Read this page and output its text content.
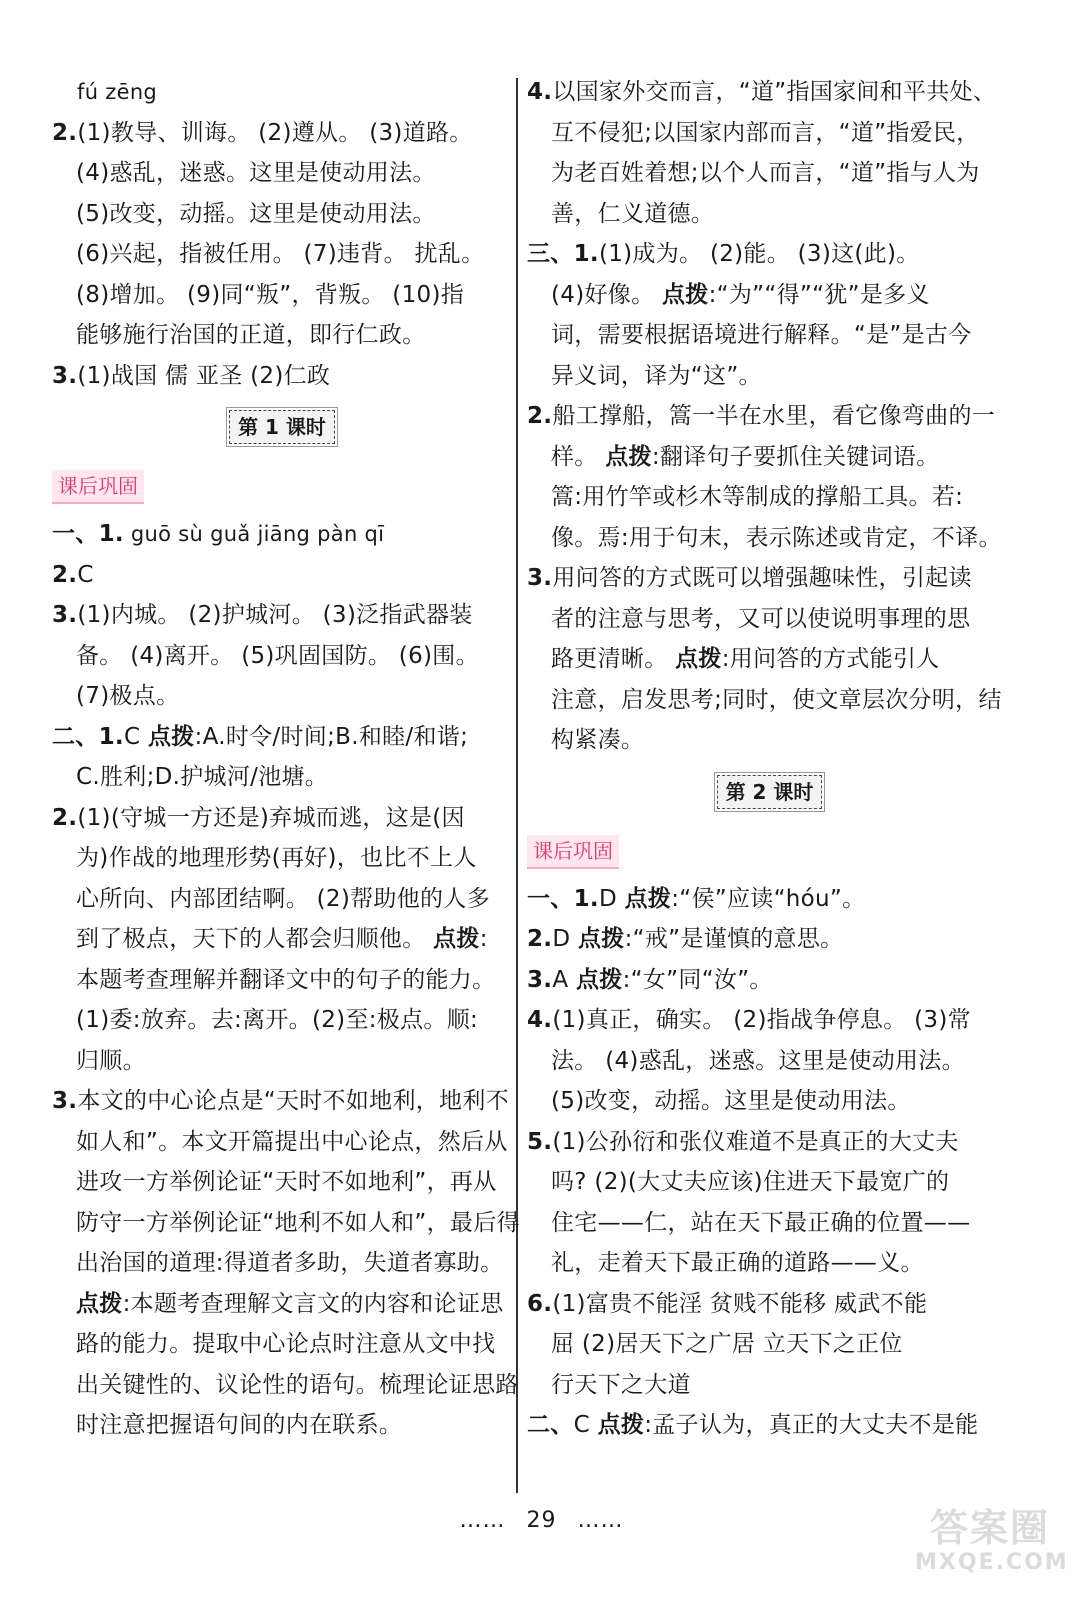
fú zēng
2.(1)教导、训诲。 (2)遵从。 (3)道路。
(4)惑乱，迷惑。这里是使动用法。
(5)改变，动摇。这里是使动用法。
(6)兴起，指被任用。 (7)违背。 扰乱。
(8)增加。 (9)同“叛”，背叛。 (10)指
能够施行治国的正道，即行仁政。
3.(1)战国 儒 亚圣 (2)仁政
第 1 课时
课后巩固
一、1. guō sù guǎ jiāng pàn qī
2.C
3.(1)内城。 (2)护城河。 (3)泛指武器装
备。 (4)离开。 (5)巩固国防。 (6)围。
(7)极点。
二、1.C 点拨:A.时令/时间;B.和睦/和谐;
C.胜利;D.护城河/池塘。
2.(1)(守城一方还是)弃城而逃，这是(因
为)作战的地理形势(再好)，也比不上人
心所向、内部团结啊。 (2)帮助他的人多
到了极点，天下的人都会归顺他。 点拨:
本题考查理解并翻译文中的句子的能力。
(1)委:放弃。去:离开。(2)至:极点。顺:
归顺。
3.本文的中心论点是“天时不如地利，地利不
如人和”。本文开篇提出中心论点，然后从
进攻一方举例论证“天时不如地利”，再从
防守一方举例论证“地利不如人和”，最后得
出治国的道理:得道者多助，失道者寡助。
点拨:本题考查理解文言文的内容和论证思
路的能力。提取中心论点时注意从文中找
出关键性的、议论性的语句。梳理论证思路
时注意把握语句间的内在联系。
4.以国家外交而言，“道”指国家间和平共处、
互不侵犯;以国家内部而言，“道”指爱民，
为老百姓着想;以个人而言，“道”指与人为
善，仁义道德。
三、1.(1)成为。 (2)能。 (3)这(此)。
(4)好像。 点拨:“为”“得”“犹”是多义
词，需要根据语境进行解释。“是”是古今
异义词，译为“这”。
2.船工撑船，篙一半在水里，看它像弯曲的一
样。 点拨:翻译句子要抓住关键词语。
篙:用竹竿或杉木等制成的撑船工具。若:
像。焉:用于句末，表示陈述或肯定，不译。
3.用问答的方式既可以增强趣味性，引起读
者的注意与思考，又可以使说明事理的思
路更清晰。 点拨:用问答的方式能引人
注意，启发思考;同时，使文章层次分明，结
构紧凑。
第 2 课时
课后巩固
一、1.D 点拨:“侯”应读“hóu”。
2.D 点拨:“戒”是谨慎的意思。
3.A 点拨:“女”同“汝”。
4.(1)真正，确实。 (2)指战争停息。 (3)常
法。 (4)惑乱，迷惑。这里是使动用法。
(5)改变，动摇。这里是使动用法。
5.(1)公孙衍和张仪难道不是真正的大丈夫
吗? (2)(大丈夫应该)住进天下最宽广的
住宅——仁，站在天下最正确的位置——
礼，走着天下最正确的道路——义。
6.(1)富贵不能淫 贫贱不能移 威武不能
屈 (2)居天下之广居 立天下之正位
行天下之大道
二、C 点拨:孟子认为，真正的大丈夫不是能
…… 29 ……	答案圈
MXQE.COM
